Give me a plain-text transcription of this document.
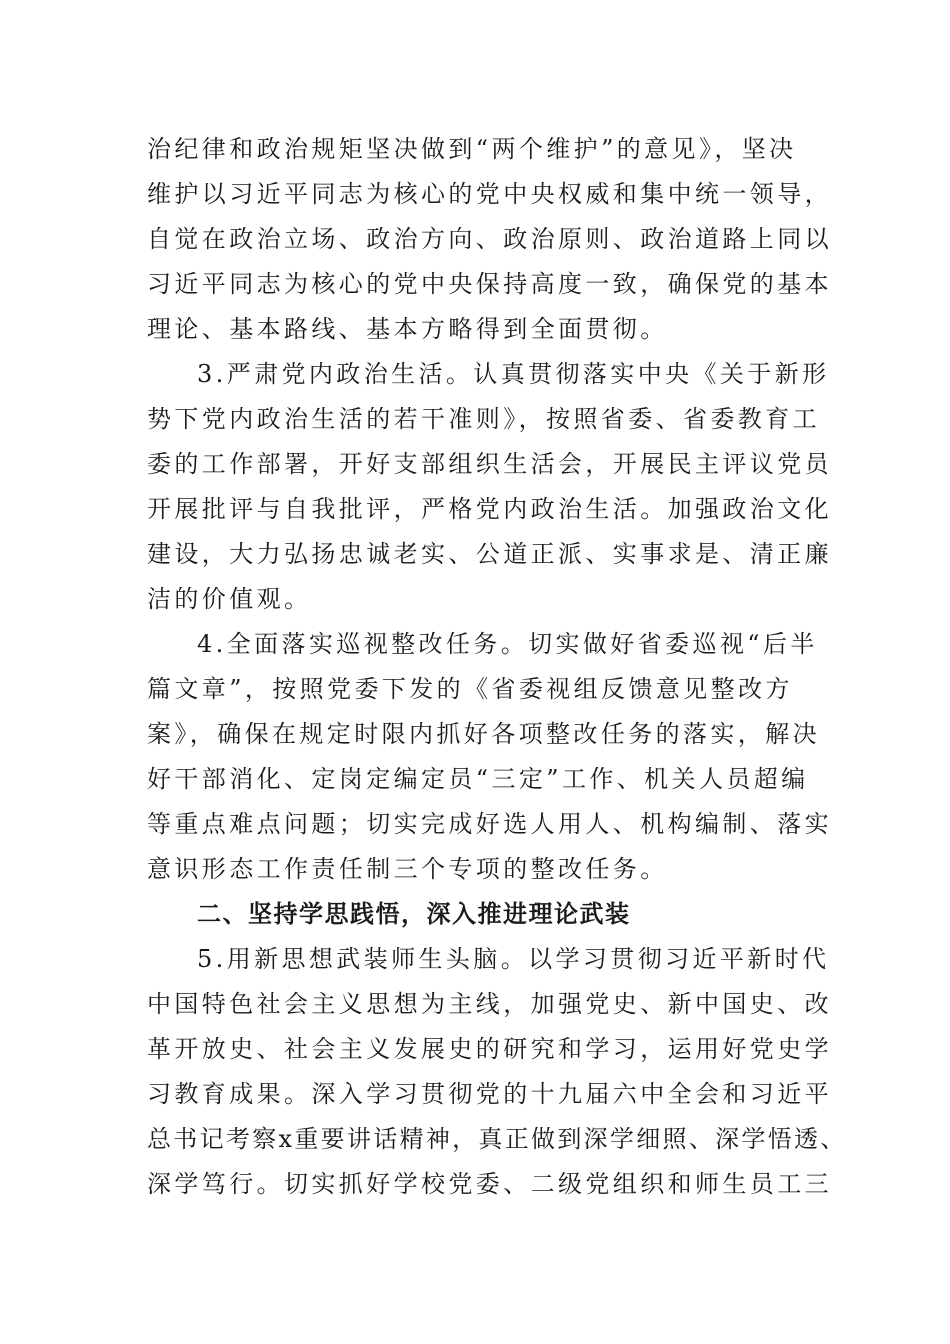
治纪律和政治规矩坚决做到“两个维护”的意见》，坚决
维护以习近平同志为核心的党中央权威和集中统一领导，
自觉在政治立场、政治方向、政治原则、政治道路上同以
习近平同志为核心的党中央保持高度一致，确保党的基本
理论、基本路线、基本方略得到全面贯彻。
3.严肃党内政治生活。认真贯彻落实中央《关于新形
势下党内政治生活的若干准则》，按照省委、省委教育工
委的工作部署，开好支部组织生活会，开展民主评议党员
开展批评与自我批评，严格党内政治生活。加强政治文化
建设，大力弘扬忠诚老实、公道正派、实事求是、清正廉
洁的价值观。
4.全面落实巡视整改任务。切实做好省委巡视“后半
篇文章”，按照党委下发的《省委视组反馈意见整改方
案》，确保在规定时限内抓好各项整改任务的落实，解决
好干部消化、定岗定编定员“三定”工作、机关人员超编
等重点难点问题；切实完成好选人用人、机构编制、落实
意识形态工作责任制三个专项的整改任务。
二、坚持学思践悟，深入推进理论武装
5.用新思想武装师生头脑。以学习贯彻习近平新时代
中国特色社会主义思想为主线，加强党史、新中国史、改
革开放史、社会主义发展史的研究和学习，运用好党史学
习教育成果。深入学习贯彻党的十九届六中全会和习近平
总书记考察x重要讲话精神，真正做到深学细照、深学悟透、
深学笃行。切实抓好学校党委、二级党组织和师生员工三
